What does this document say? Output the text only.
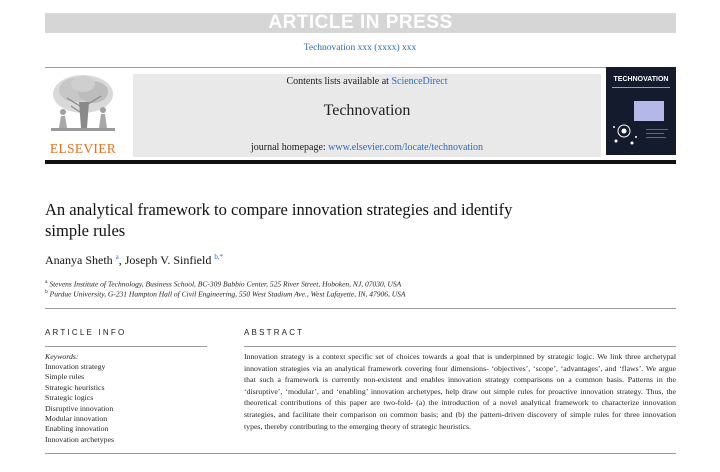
ARTICLE IN PRESS
Technovation xxx (xxxx) xxx
ELSEVIER
Contents lists available at ScienceDirect
Technovation
journal homepage: www.elsevier.com/locate/technovation
TECHNOVATION
An analytical framework to compare innovation strategies and identify
simple rules
Ananya Sheth $^a$, Joseph V. Sinfield $^{b,*}$
$^a$ Stevens Institute of Technology, Business School, BC-309 Babbio Center, 525 River Street, Hoboken, NJ, 07030, USA
$^b$ Purdue University, G-231 Hampton Hall of Civil Engineering, 550 West Stadium Ave., West Lafayette, IN, 47906, USA
ARTICLE INFO	ABSTRACT
Keywords:
Innovation strategy
Simple rules
Strategic heuristics
Strategic logics
Disruptive innovation
Modular innovation
Enabling innovation
Innovation archetypes

Innovation strategy is a context specific set of choices towards a goal that is underpinned by strategic logic. We link three archetypal innovation strategies via an analytical framework covering four dimensions- ‘objectives’, ‘scope’, ‘advantages’, and ‘flaws’. We argue that such a framework is currently non-existent and enables innovation strategy comparisons on a common basis. Patterns in the ‘disruptive’, ‘modular’, and ‘enabling’ innovation archetypes, help draw out simple rules for proactive innovation strategy. Thus, the theoretical contributions of this paper are two-fold- (a) the introduction of a novel analytical framework to characterize innovation strategies, and facilitate their comparison on common basis; and (b) the pattern-driven discovery of simple rules for three innovation types, thereby contributing to the emerging theory of strategic heuristics.
